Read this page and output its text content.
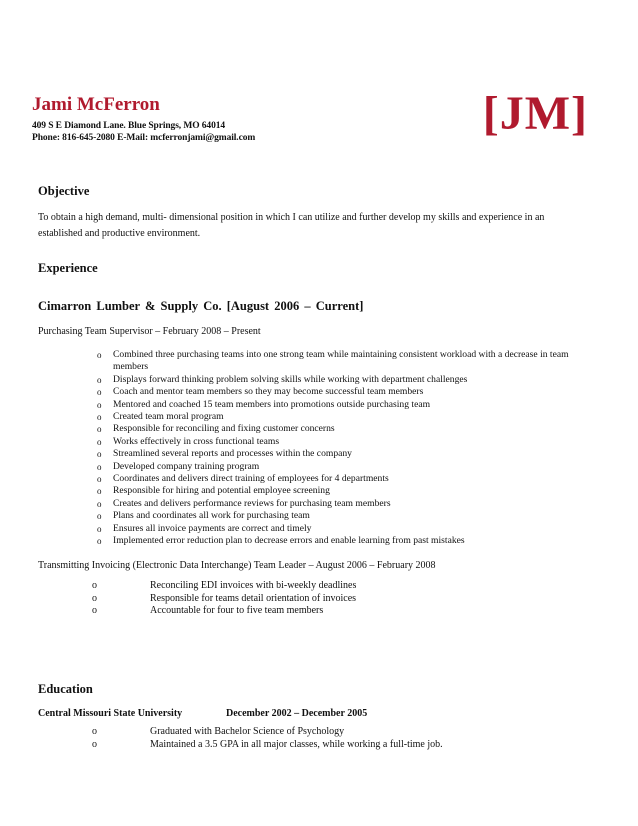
Jami McFerron
409 S E Diamond Lane. Blue Springs, MO 64014
Phone: 816-645-2080 E-Mail: mcferronjami@gmail.com	[JM]
Objective
To obtain a high demand, multi- dimensional position in which I can utilize and further develop my skills and experience in an established and productive environment.
Experience
Cimarron Lumber & Supply Co. [August 2006 – Current]
Purchasing Team Supervisor – February 2008 – Present
o Combined three purchasing teams into one strong team while maintaining consistent workload with a decrease in team members
o Displays forward thinking problem solving skills while working with department challenges
o Coach and mentor team members so they may become successful team members
o Mentored and coached 15 team members into promotions outside purchasing team
o Created team moral program
o Responsible for reconciling and fixing customer concerns
o Works effectively in cross functional teams
o Streamlined several reports and processes within the company
o Developed company training program
o Coordinates and delivers direct training of employees for 4 departments
o Responsible for hiring and potential employee screening
o Creates and delivers performance reviews for purchasing team members
o Plans and coordinates all work for purchasing team
o Ensures all invoice payments are correct and timely
o Implemented error reduction plan to decrease errors and enable learning from past mistakes
Transmitting Invoicing (Electronic Data Interchange) Team Leader – August 2006 – February 2008
o	Reconciling EDI invoices with bi-weekly deadlines
o	Responsible for teams detail orientation of invoices
o	Accountable for four to five team members
Education
Central Missouri State University	December 2002 – December 2005
o	Graduated with Bachelor Science of Psychology
o	Maintained a 3.5 GPA in all major classes, while working a full-time job.
